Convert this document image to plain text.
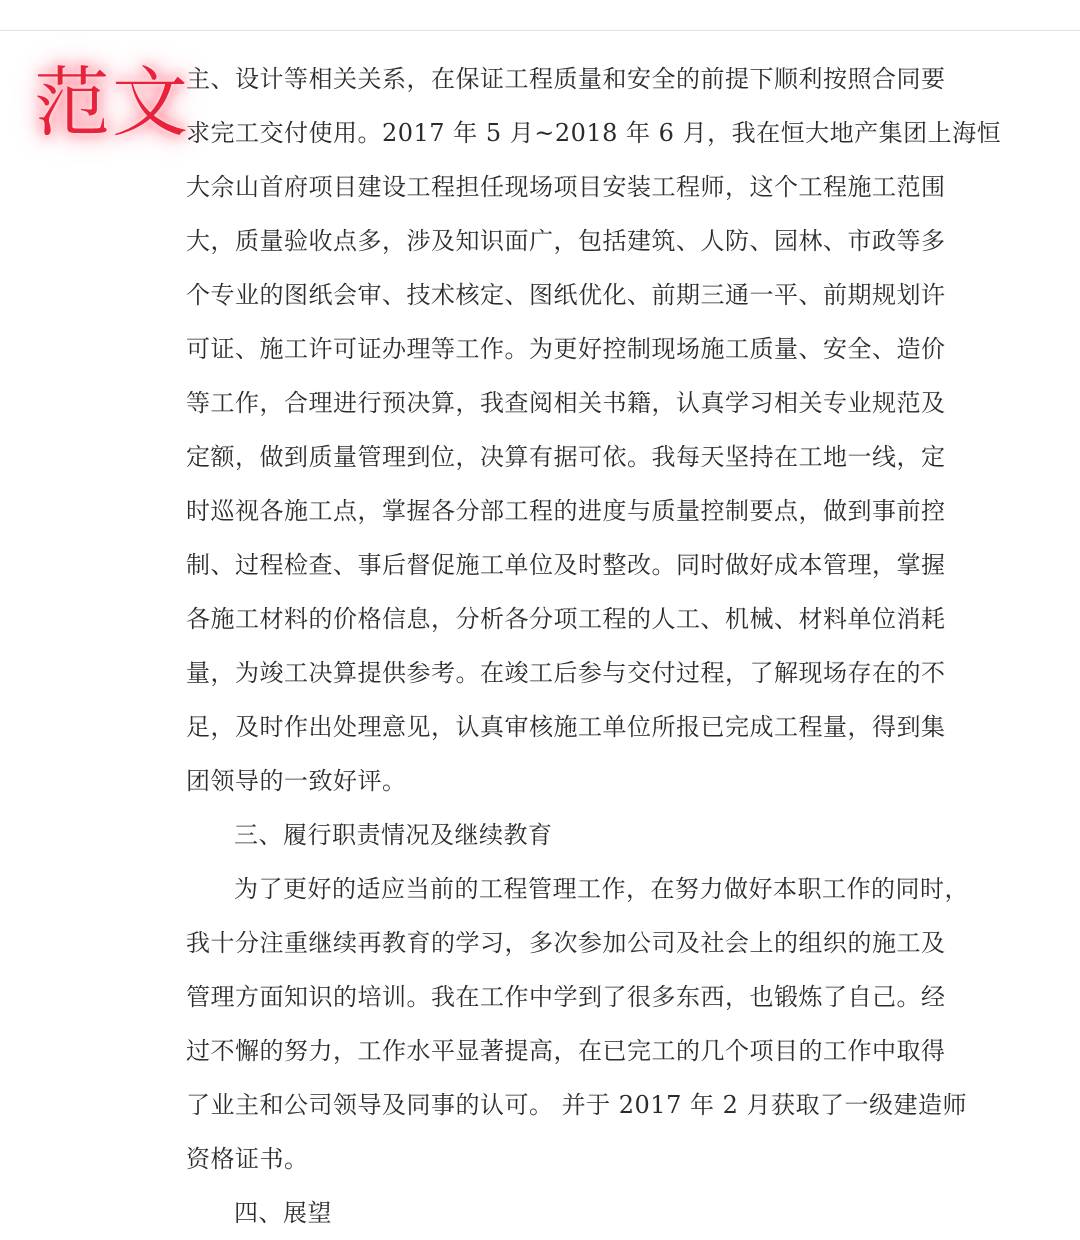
范文
主、设计等相关关系，在保证工程质量和安全的前提下顺利按照合同要
求完工交付使用。2017 年 5 月~2018 年 6 月，我在恒大地产集团上海恒
大佘山首府项目建设工程担任现场项目安装工程师，这个工程施工范围
大，质量验收点多，涉及知识面广，包括建筑、人防、园林、市政等多
个专业的图纸会审、技术核定、图纸优化、前期三通一平、前期规划许
可证、施工许可证办理等工作。为更好控制现场施工质量、安全、造价
等工作，合理进行预决算，我查阅相关书籍，认真学习相关专业规范及
定额，做到质量管理到位，决算有据可依。我每天坚持在工地一线，定
时巡视各施工点，掌握各分部工程的进度与质量控制要点，做到事前控
制、过程检查、事后督促施工单位及时整改。同时做好成本管理，掌握
各施工材料的价格信息，分析各分项工程的人工、机械、材料单位消耗
量，为竣工决算提供参考。在竣工后参与交付过程，了解现场存在的不
足，及时作出处理意见，认真审核施工单位所报已完成工程量，得到集
团领导的一致好评。
三、履行职责情况及继续教育
为了更好的适应当前的工程管理工作，在努力做好本职工作的同时，
我十分注重继续再教育的学习，多次参加公司及社会上的组织的施工及
管理方面知识的培训。我在工作中学到了很多东西，也锻炼了自己。经
过不懈的努力，工作水平显著提高，在已完工的几个项目的工作中取得
了业主和公司领导及同事的认可。 并于 2017 年 2 月获取了一级建造师
资格证书。
四、展望
